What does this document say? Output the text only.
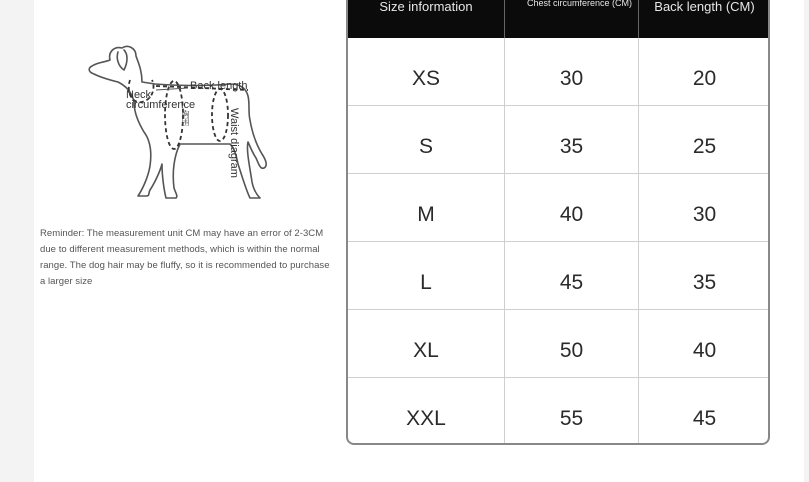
Neck circumference
Back length
Waist diagram
胸围
Reminder: The measurement unit CM may have an error of 2-3CM due to different measurement methods, which is within the normal range. The dog hair may be fluffy, so it is recommended to purchase a larger size
Size information	Chest circumference (CM)	Back length (CM)
XS	30	20
S	35	25
M	40	30
L	45	35
XL	50	40
XXL	55	45
